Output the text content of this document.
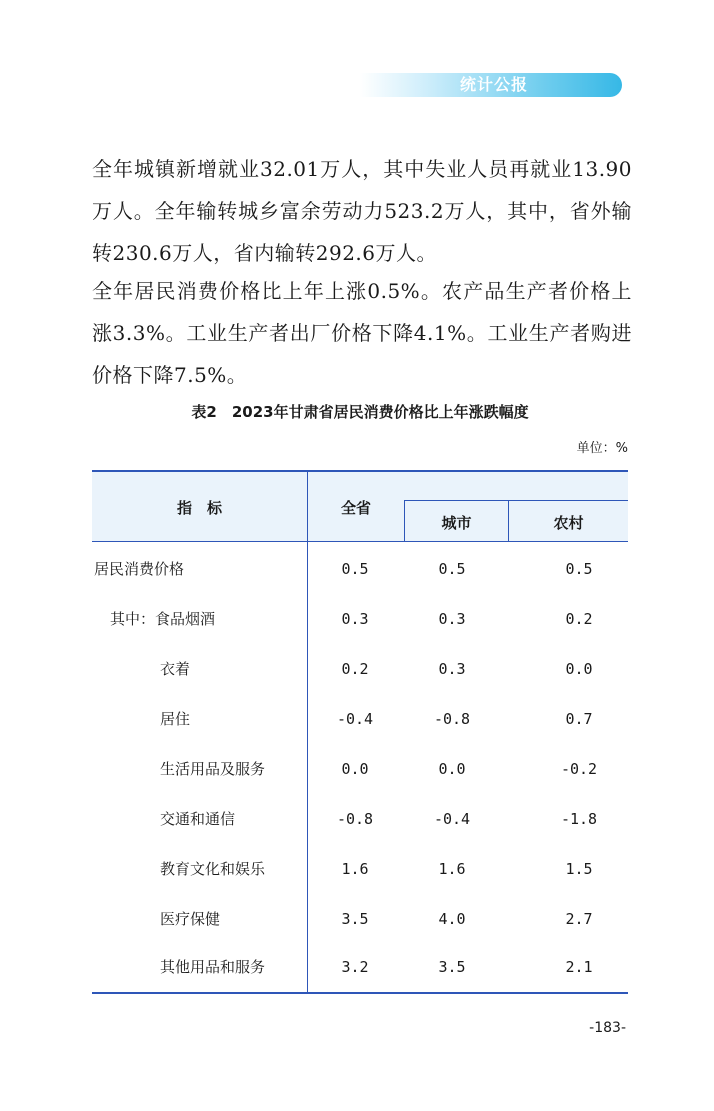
统计公报

全年城镇新增就业32.01万人，其中失业人员再就业13.90万人。全年输转城乡富余劳动力523.2万人，其中，省外输转230.6万人，省内输转292.6万人。

全年居民消费价格比上年上涨0.5%。农产品生产者价格上涨3.3%。工业生产者出厂价格下降4.1%。工业生产者购进价格下降7.5%。

表2　2023年甘肃省居民消费价格比上年涨跌幅度
单位：%
指　标	全省
城市	农村
居民消费价格	0.5	0.5	0.5
其中：食品烟酒	0.3	0.3	0.2
衣着	0.2	0.3	0.0
居住	-0.4	-0.8	0.7
生活用品及服务	0.0	0.0	-0.2
交通和通信	-0.8	-0.4	-1.8
教育文化和娱乐	1.6	1.6	1.5
医疗保健	3.5	4.0	2.7
其他用品和服务	3.2	3.5	2.1
-183-
